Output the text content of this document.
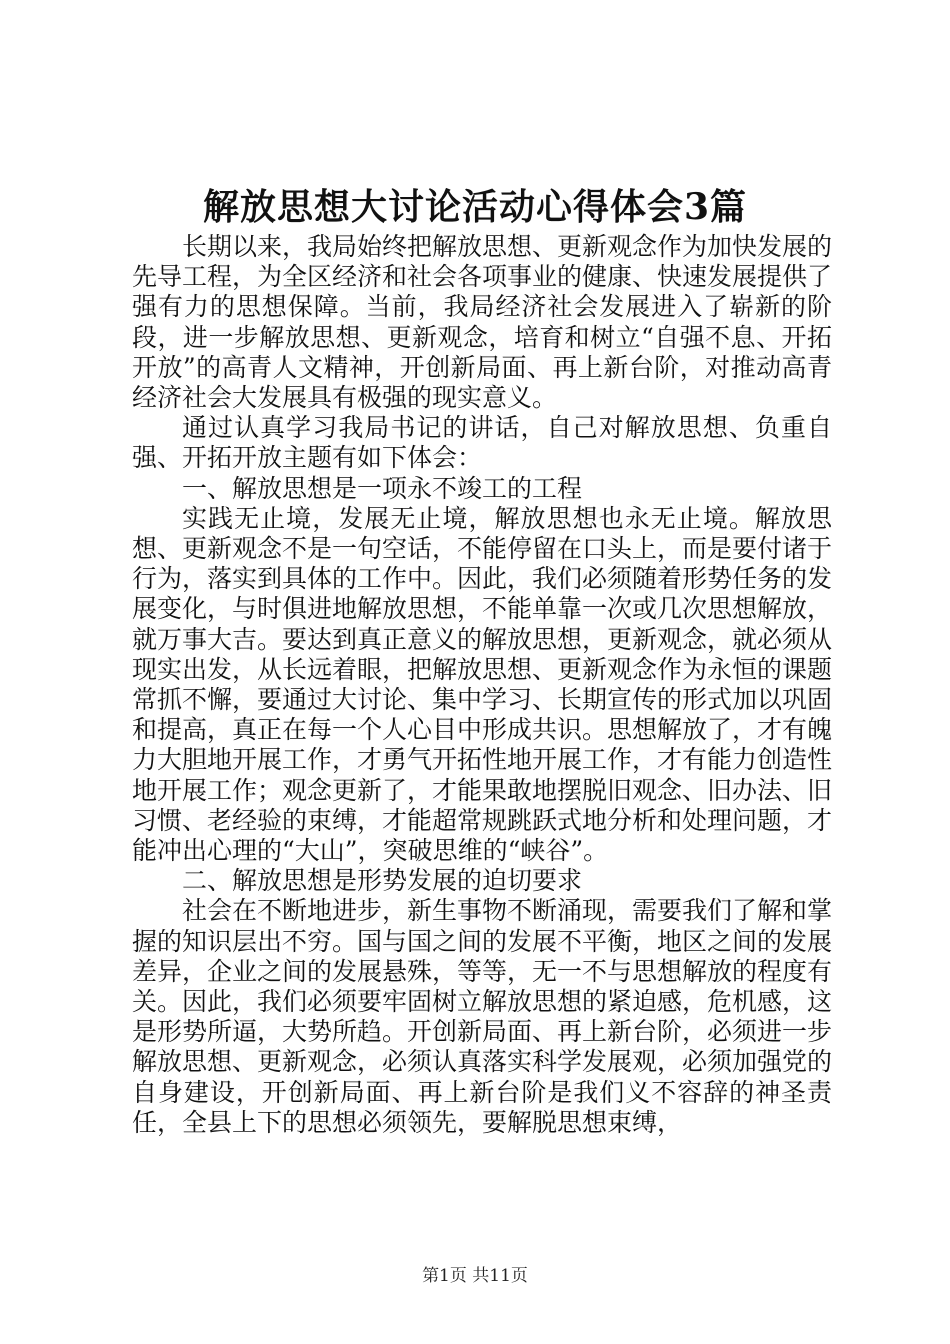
解放思想大讨论活动心得体会3篇

长期以来，我局始终把解放思想、更新观念作为加快发展的先导工程，为全区经济和社会各项事业的健康、快速发展提供了强有力的思想保障。当前，我局经济社会发展进入了崭新的阶段，进一步解放思想、更新观念，培育和树立“自强不息、开拓开放”的高青人文精神，开创新局面、再上新台阶，对推动高青经济社会大发展具有极强的现实意义。

通过认真学习我局书记的讲话，自己对解放思想、负重自强、开拓开放主题有如下体会：

一、解放思想是一项永不竣工的工程

实践无止境，发展无止境，解放思想也永无止境。解放思想、更新观念不是一句空话，不能停留在口头上，而是要付诸于行为，落实到具体的工作中。因此，我们必须随着形势任务的发展变化，与时俱进地解放思想，不能单靠一次或几次思想解放，就万事大吉。要达到真正意义的解放思想，更新观念，就必须从现实出发，从长远着眼，把解放思想、更新观念作为永恒的课题常抓不懈，要通过大讨论、集中学习、长期宣传的形式加以巩固和提高，真正在每一个人心目中形成共识。思想解放了，才有魄力大胆地开展工作，才勇气开拓性地开展工作，才有能力创造性地开展工作；观念更新了，才能果敢地摆脱旧观念、旧办法、旧习惯、老经验的束缚，才能超常规跳跃式地分析和处理问题，才能冲出心理的“大山”，突破思维的“峡谷”。

二、解放思想是形势发展的迫切要求

社会在不断地进步，新生事物不断涌现，需要我们了解和掌握的知识层出不穷。国与国之间的发展不平衡，地区之间的发展差异，企业之间的发展悬殊，等等，无一不与思想解放的程度有关。因此，我们必须要牢固树立解放思想的紧迫感，危机感，这是形势所逼，大势所趋。开创新局面、再上新台阶，必须进一步解放思想、更新观念，必须认真落实科学发展观，必须加强党的自身建设，开创新局面、再上新台阶是我们义不容辞的神圣责任，全县上下的思想必须领先，要解脱思想束缚，

第1页 共11页
